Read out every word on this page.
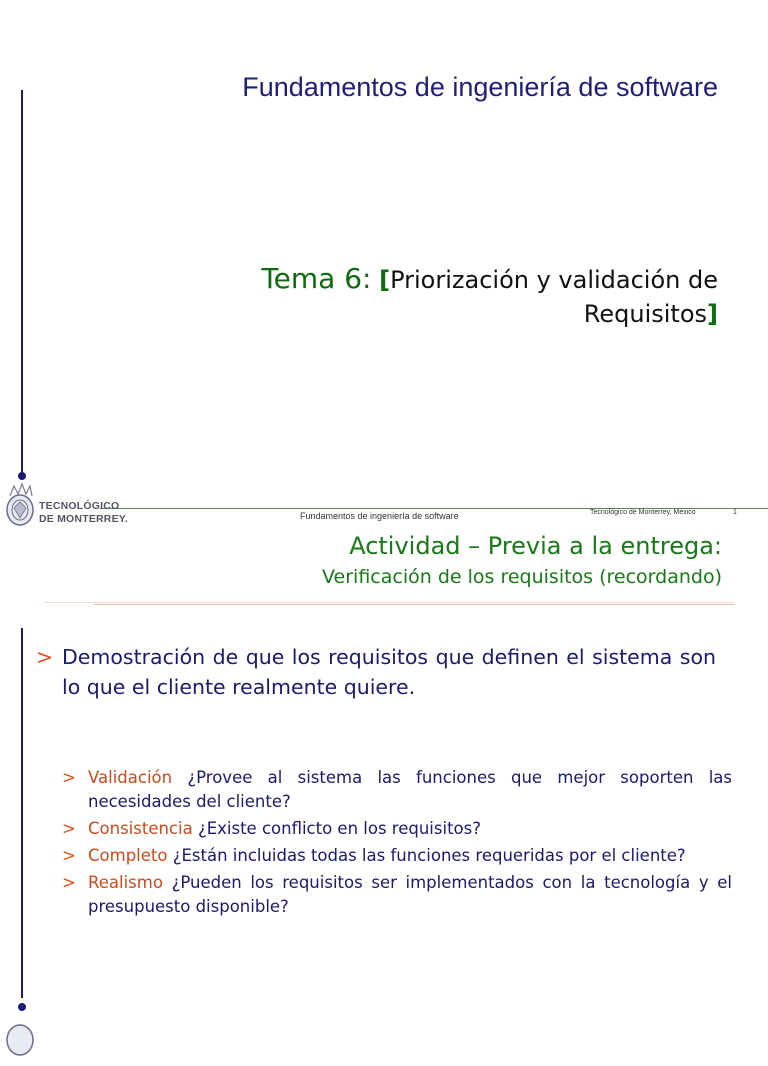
Fundamentos de ingeniería de software
Tema 6: [Priorización y validación de
Requisitos]
TECNOLÓGICO
DE MONTERREY.	Fundamentos de ingeniería de software	Tecnológico de Monterrey, México	1
Actividad – Previa a la entrega:
Verificación de los requisitos (recordando)
> Demostración de que los requisitos que definen el sistema son lo que el cliente realmente quiere.
> Validación ¿Provee al sistema las funciones que mejor soporten las necesidades del cliente?
> Consistencia ¿Existe conflicto en los requisitos?
> Completo ¿Están incluidas todas las funciones requeridas por el cliente?
> Realismo ¿Pueden los requisitos ser implementados con la tecnología y el presupuesto disponible?
